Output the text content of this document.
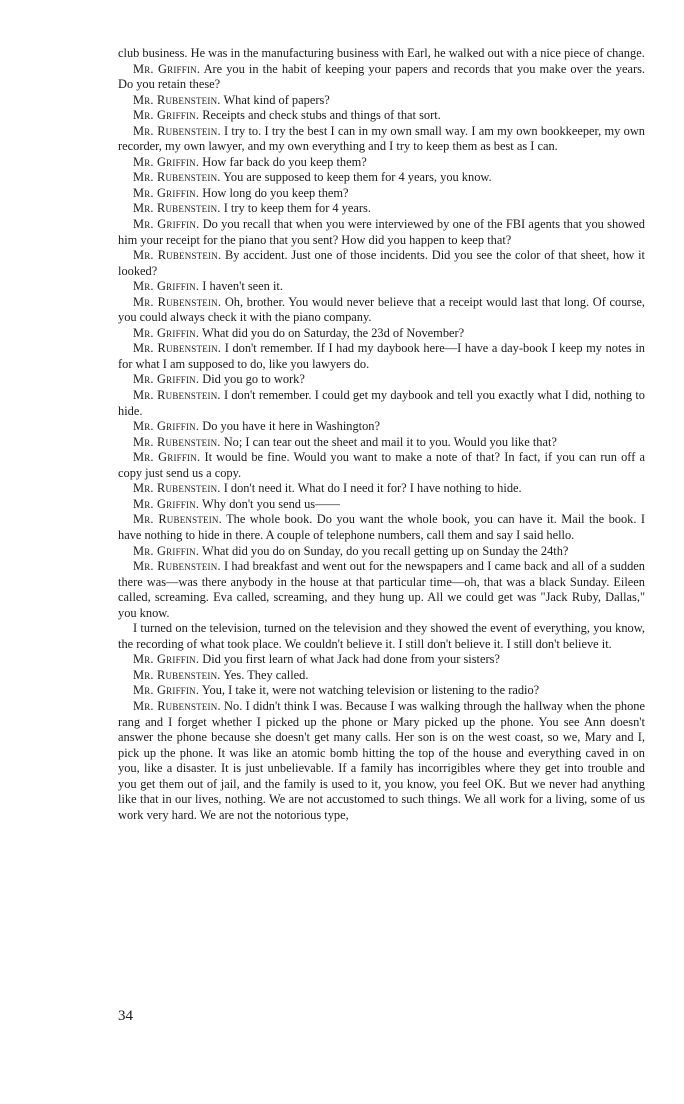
club business. He was in the manufacturing business with Earl, he walked out with a nice piece of change.

Mr. Griffin. Are you in the habit of keeping your papers and records that you make over the years. Do you retain these?

Mr. Rubenstein. What kind of papers?

Mr. Griffin. Receipts and check stubs and things of that sort.

Mr. Rubenstein. I try to. I try the best I can in my own small way. I am my own bookkeeper, my own recorder, my own lawyer, and my own everything and I try to keep them as best as I can.

Mr. Griffin. How far back do you keep them?

Mr. Rubenstein. You are supposed to keep them for 4 years, you know.

Mr. Griffin. How long do you keep them?

Mr. Rubenstein. I try to keep them for 4 years.

Mr. Griffin. Do you recall that when you were interviewed by one of the FBI agents that you showed him your receipt for the piano that you sent? How did you happen to keep that?

Mr. Rubenstein. By accident. Just one of those incidents. Did you see the color of that sheet, how it looked?

Mr. Griffin. I haven't seen it.

Mr. Rubenstein. Oh, brother. You would never believe that a receipt would last that long. Of course, you could always check it with the piano company.

Mr. Griffin. What did you do on Saturday, the 23d of November?

Mr. Rubenstein. I don't remember. If I had my daybook here—I have a day-book I keep my notes in for what I am supposed to do, like you lawyers do.

Mr. Griffin. Did you go to work?

Mr. Rubenstein. I don't remember. I could get my daybook and tell you exactly what I did, nothing to hide.

Mr. Griffin. Do you have it here in Washington?

Mr. Rubenstein. No; I can tear out the sheet and mail it to you. Would you like that?

Mr. Griffin. It would be fine. Would you want to make a note of that? In fact, if you can run off a copy just send us a copy.

Mr. Rubenstein. I don't need it. What do I need it for? I have nothing to hide.

Mr. Griffin. Why don't you send us——

Mr. Rubenstein. The whole book. Do you want the whole book, you can have it. Mail the book. I have nothing to hide in there. A couple of telephone numbers, call them and say I said hello.

Mr. Griffin. What did you do on Sunday, do you recall getting up on Sunday the 24th?

Mr. Rubenstein. I had breakfast and went out for the newspapers and I came back and all of a sudden there was—was there anybody in the house at that particular time—oh, that was a black Sunday. Eileen called, screaming. Eva called, screaming, and they hung up. All we could get was "Jack Ruby, Dallas," you know.

I turned on the television, turned on the television and they showed the event of everything, you know, the recording of what took place. We couldn't believe it. I still don't believe it. I still don't believe it.

Mr. Griffin. Did you first learn of what Jack had done from your sisters?

Mr. Rubenstein. Yes. They called.

Mr. Griffin. You, I take it, were not watching television or listening to the radio?

Mr. Rubenstein. No. I didn't think I was. Because I was walking through the hallway when the phone rang and I forget whether I picked up the phone or Mary picked up the phone. You see Ann doesn't answer the phone because she doesn't get many calls. Her son is on the west coast, so we, Mary and I, pick up the phone. It was like an atomic bomb hitting the top of the house and everything caved in on you, like a disaster. It is just unbelievable. If a family has incorrigibles where they get into trouble and you get them out of jail, and the family is used to it, you know, you feel OK. But we never had anything like that in our lives, nothing. We are not accustomed to such things. We all work for a living, some of us work very hard. We are not the notorious type,

34
